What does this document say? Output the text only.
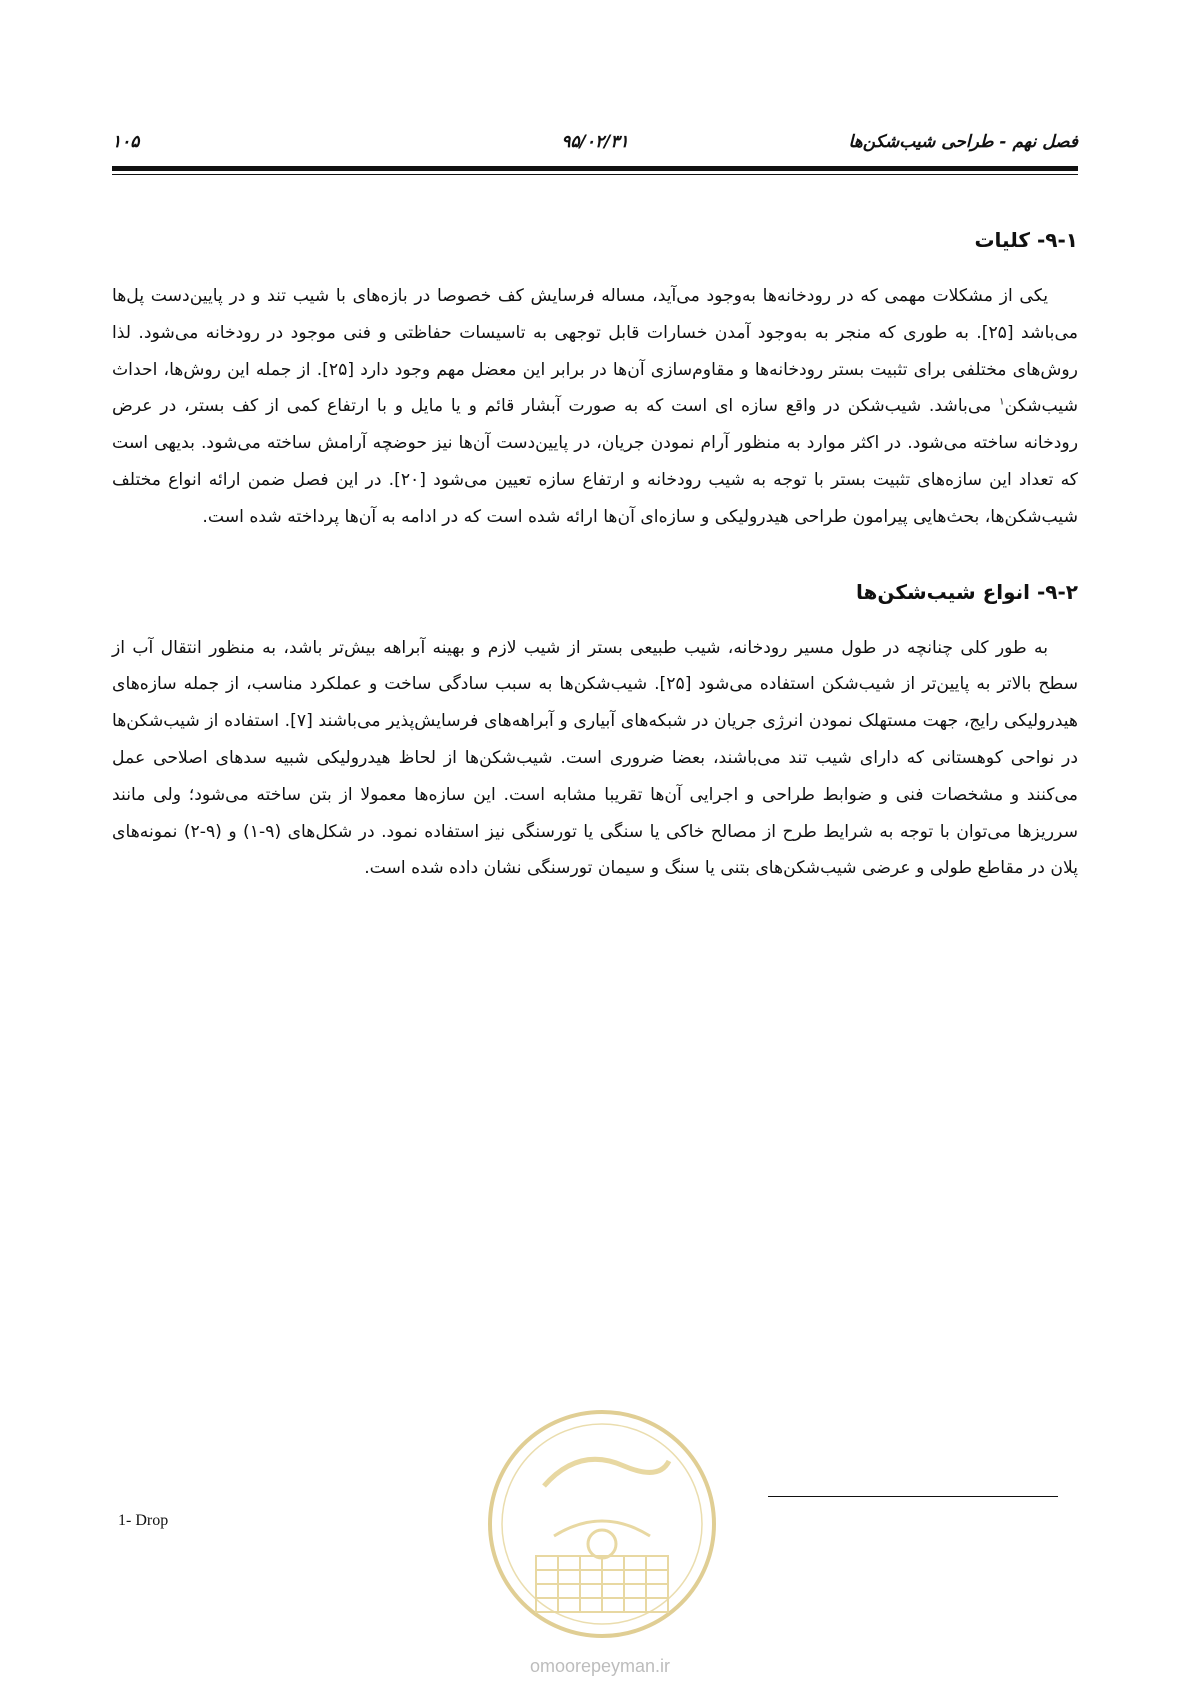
فصل نهم - طراحی شیب‌شکن‌ها
۹۵/۰۲/۳۱
۱۰۵
۹-۱- کلیات

یکی از مشکلات مهمی که در رودخانه‌ها به‌وجود می‌آید، مساله فرسایش کف خصوصا در بازه‌های با شیب تند و در پایین‌دست پل‌ها می‌باشد [۲۵]. به طوری که منجر به به‌وجود آمدن خسارات قابل توجهی به تاسیسات حفاظتی و فنی موجود در رودخانه می‌شود. لذا روش‌های مختلفی برای تثبیت بستر رودخانه‌ها و مقاوم‌سازی آن‌ها در برابر این معضل مهم وجود دارد [۲۵]. از جمله این روش‌ها، احداث شیب‌شکن$^۱$ می‌باشد. شیب‌شکن در واقع سازه ای است که به صورت آبشار قائم و یا مایل و با ارتفاع کمی از کف بستر، در عرض رودخانه ساخته می‌شود. در اکثر موارد به منظور آرام نمودن جریان، در پایین‌دست آن‌ها نیز حوضچه آرامش ساخته می‌شود. بدیهی است که تعداد این سازه‌های تثبیت بستر با توجه به شیب رودخانه و ارتفاع سازه تعیین می‌شود [۲۰]. در این فصل ضمن ارائه انواع مختلف شیب‌شکن‌ها، بحث‌هایی پیرامون طراحی هیدرولیکی و سازه‌ای آن‌ها ارائه شده است که در ادامه به آن‌ها پرداخته شده است.

۹-۲- انواع شیب‌شکن‌ها

به طور کلی چنانچه در طول مسیر رودخانه، شیب طبیعی بستر از شیب لازم و بهینه آبراهه بیش‌تر باشد، به منظور انتقال آب از سطح بالاتر به پایین‌تر از شیب‌شکن استفاده می‌شود [۲۵]. شیب‌شکن‌ها به سبب سادگی ساخت و عملکرد مناسب، از جمله سازه‌های هیدرولیکی رایج، جهت مستهلک نمودن انرژی جریان در شبکه‌های آبیاری و آبراهه‌های فرسایش‌پذیر می‌باشند [۷]. استفاده از شیب‌شکن‌ها در نواحی کوهستانی که دارای شیب تند می‌باشند، بعضا ضروری است. شیب‌شکن‌ها از لحاظ هیدرولیکی شبیه سدهای اصلاحی عمل می‌کنند و مشخصات فنی و ضوابط طراحی و اجرایی آن‌ها تقریبا مشابه است. این سازه‌ها معمولا از بتن ساخته می‌شود؛ ولی مانند سرریزها می‌توان با توجه به شرایط طرح از مصالح خاکی یا سنگی یا تورسنگی نیز استفاده نمود. در شکل‌های (۹-۱) و (۹-۲) نمونه‌های پلان در مقاطع طولی و عرضی شیب‌شکن‌های بتنی یا سنگ و سیمان تورسنگی نشان داده شده است.

1- Drop
omoorepeyman.ir
